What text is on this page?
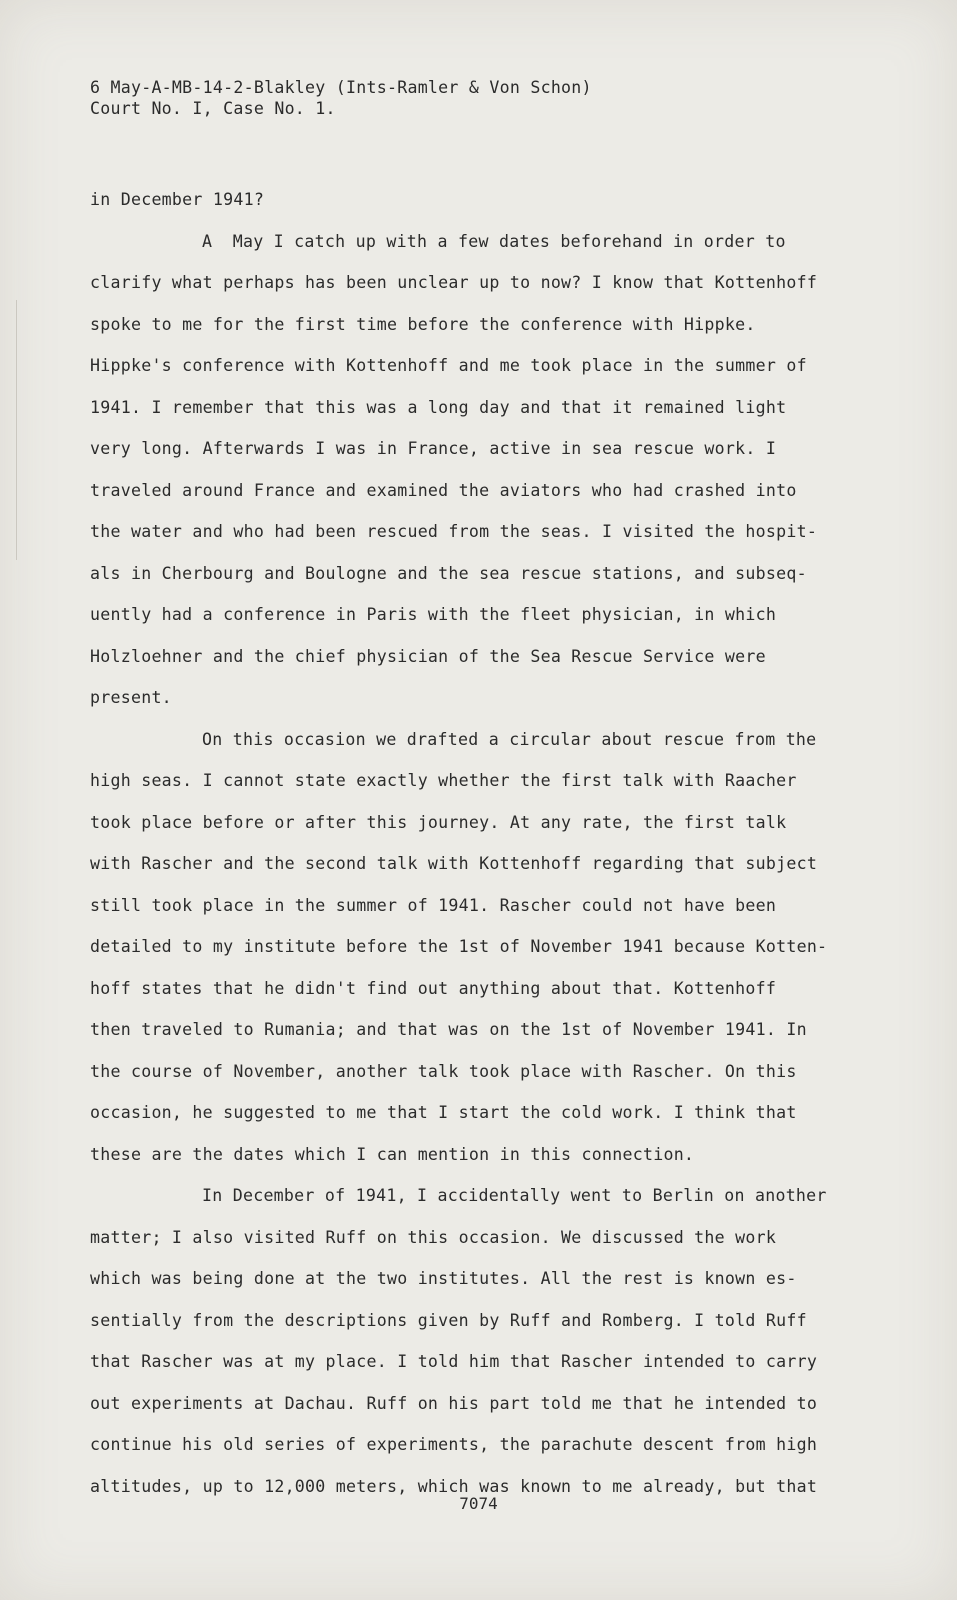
6 May-A-MB-14-2-Blakley (Ints-Ramler & Von Schon)
Court No. I, Case No. 1.
in December 1941?
A  May I catch up with a few dates beforehand in order to
clarify what perhaps has been unclear up to now? I know that Kottenhoff
spoke to me for the first time before the conference with Hippke.
Hippke's conference with Kottenhoff and me took place in the summer of
1941. I remember that this was a long day and that it remained light
very long. Afterwards I was in France, active in sea rescue work. I
traveled around France and examined the aviators who had crashed into
the water and who had been rescued from the seas. I visited the hospit-
als in Cherbourg and Boulogne and the sea rescue stations, and subseq-
uently had a conference in Paris with the fleet physician, in which
Holzloehner and the chief physician of the Sea Rescue Service were
present.
On this occasion we drafted a circular about rescue from the
high seas. I cannot state exactly whether the first talk with Raacher
took place before or after this journey. At any rate, the first talk
with Rascher and the second talk with Kottenhoff regarding that subject
still took place in the summer of 1941. Rascher could not have been
detailed to my institute before the 1st of November 1941 because Kotten-
hoff states that he didn't find out anything about that. Kottenhoff
then traveled to Rumania; and that was on the 1st of November 1941. In
the course of November, another talk took place with Rascher. On this
occasion, he suggested to me that I start the cold work. I think that
these are the dates which I can mention in this connection.
In December of 1941, I accidentally went to Berlin on another
matter; I also visited Ruff on this occasion. We discussed the work
which was being done at the two institutes. All the rest is known es-
sentially from the descriptions given by Ruff and Romberg. I told Ruff
that Rascher was at my place. I told him that Rascher intended to carry
out experiments at Dachau. Ruff on his part told me that he intended to
continue his old series of experiments, the parachute descent from high
altitudes, up to 12,000 meters, which was known to me already, but that
7074
